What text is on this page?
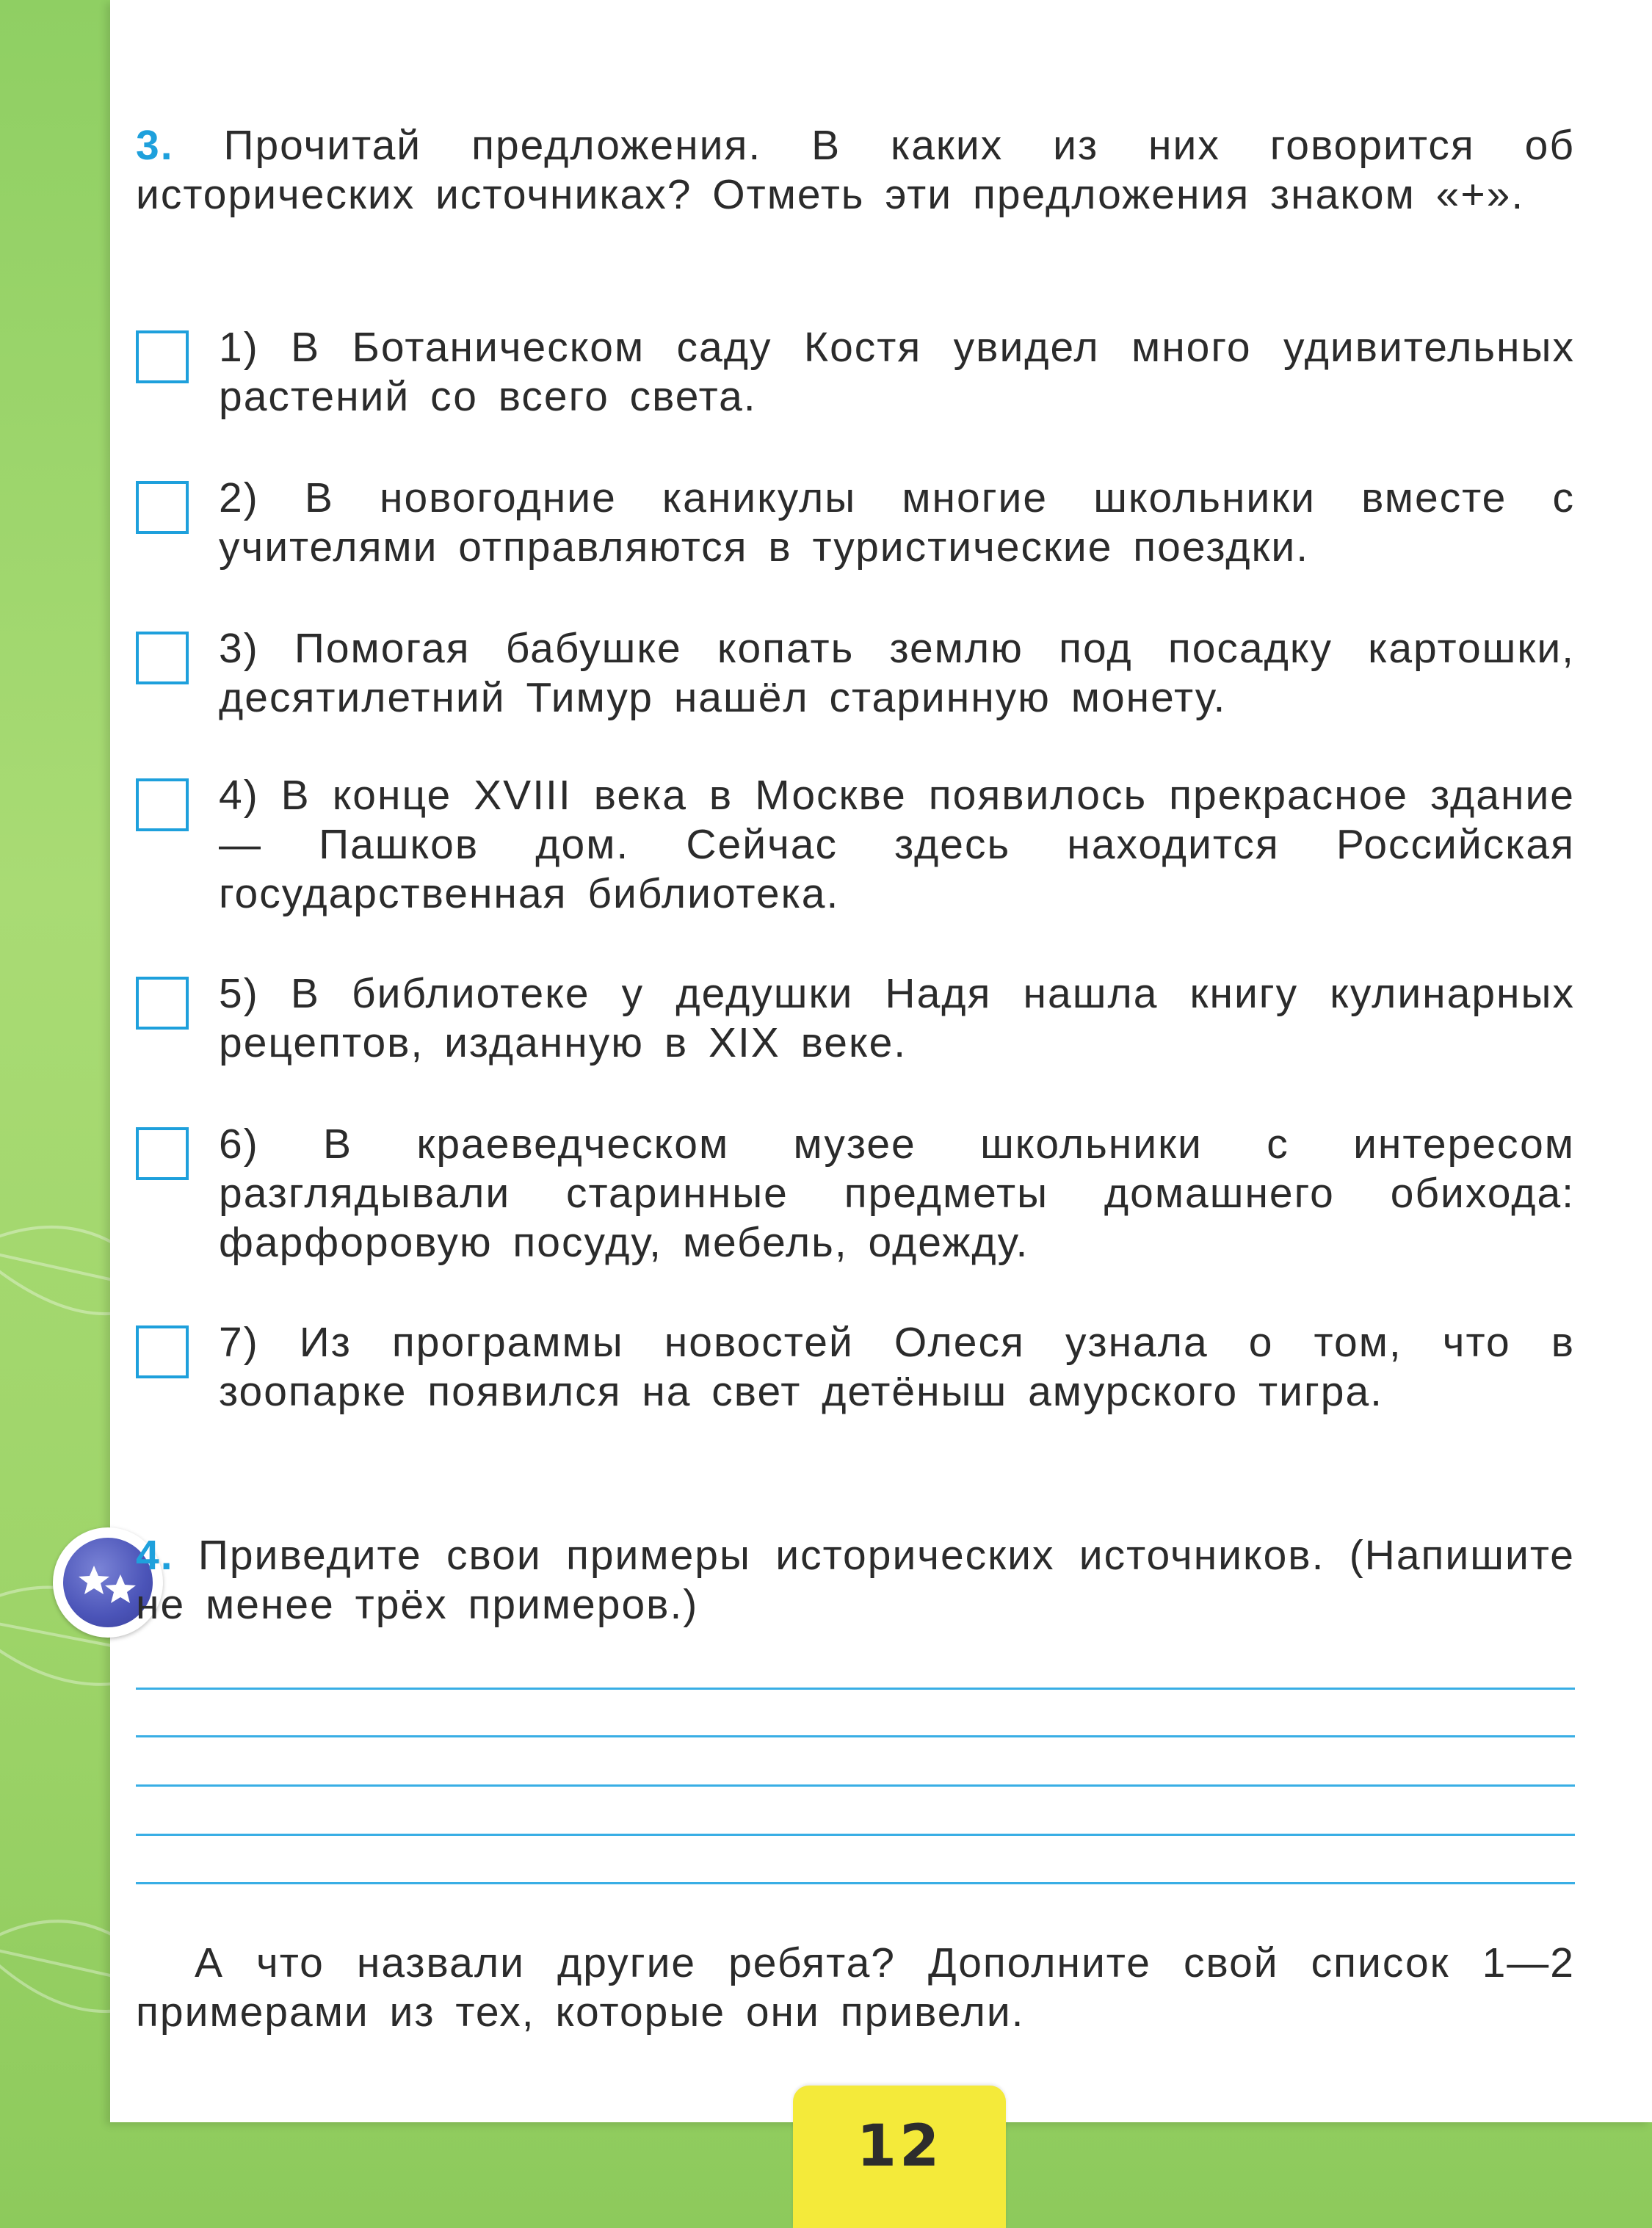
3. Прочитай предложения. В каких из них говорится об исторических источниках? Отметь эти предложения знаком «+».
1) В Ботаническом саду Костя увидел много удивительных растений со всего света.
2) В новогодние каникулы многие школьники вместе с учителями отправляются в туристические поездки.
3) Помогая бабушке копать землю под посадку картошки, десятилетний Тимур нашёл старинную монету.
4) В конце XVIII века в Москве появилось прекрасное здание — Пашков дом. Сейчас здесь находится Российская государственная библиотека.
5) В библиотеке у дедушки Надя нашла книгу кулинарных рецептов, изданную в XIX веке.
6) В краеведческом музее школьники с интересом разглядывали старинные предметы домашнего обихода: фарфоровую посуду, мебель, одежду.
7) Из программы новостей Олеся узнала о том, что в зоопарке появился на свет детёныш амурского тигра.
4. Приведите свои примеры исторических источников. (Напишите не менее трёх примеров.)
А что назвали другие ребята? Дополните свой список 1—2 примерами из тех, которые они привели.
12
